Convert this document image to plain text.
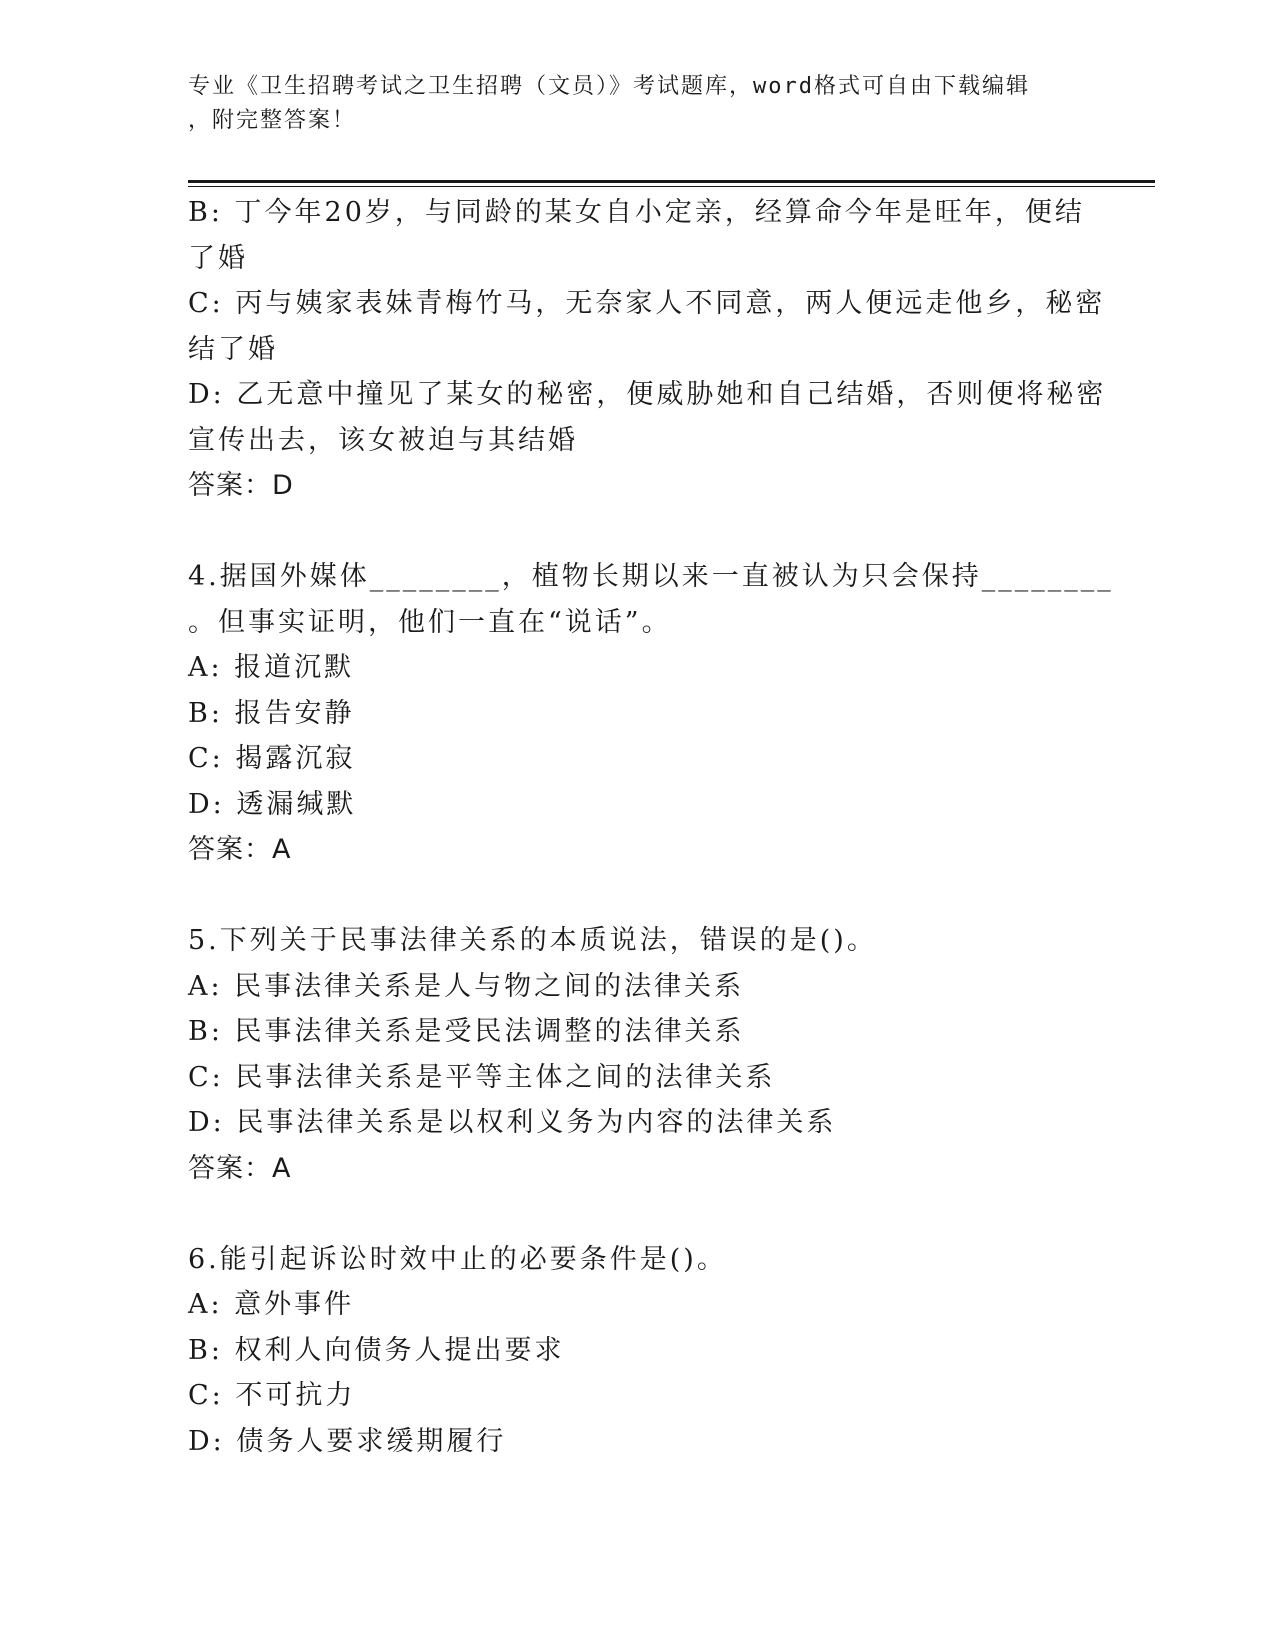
专业《卫生招聘考试之卫生招聘（文员）》考试题库，word格式可自由下载编辑
，附完整答案！
B: 丁今年20岁，与同龄的某女自小定亲，经算命今年是旺年，便结
了婚
C: 丙与姨家表妹青梅竹马，无奈家人不同意，两人便远走他乡，秘密
结了婚
D: 乙无意中撞见了某女的秘密，便威胁她和自己结婚，否则便将秘密
宣传出去，该女被迫与其结婚
答案：D
4.据国外媒体________，植物长期以来一直被认为只会保持________
。但事实证明，他们一直在“说话”。
A: 报道沉默
B: 报告安静
C: 揭露沉寂
D: 透漏缄默
答案：A
5.下列关于民事法律关系的本质说法，错误的是()。
A: 民事法律关系是人与物之间的法律关系
B: 民事法律关系是受民法调整的法律关系
C: 民事法律关系是平等主体之间的法律关系
D: 民事法律关系是以权利义务为内容的法律关系
答案：A
6.能引起诉讼时效中止的必要条件是()。
A: 意外事件
B: 权利人向债务人提出要求
C: 不可抗力
D: 债务人要求缓期履行
